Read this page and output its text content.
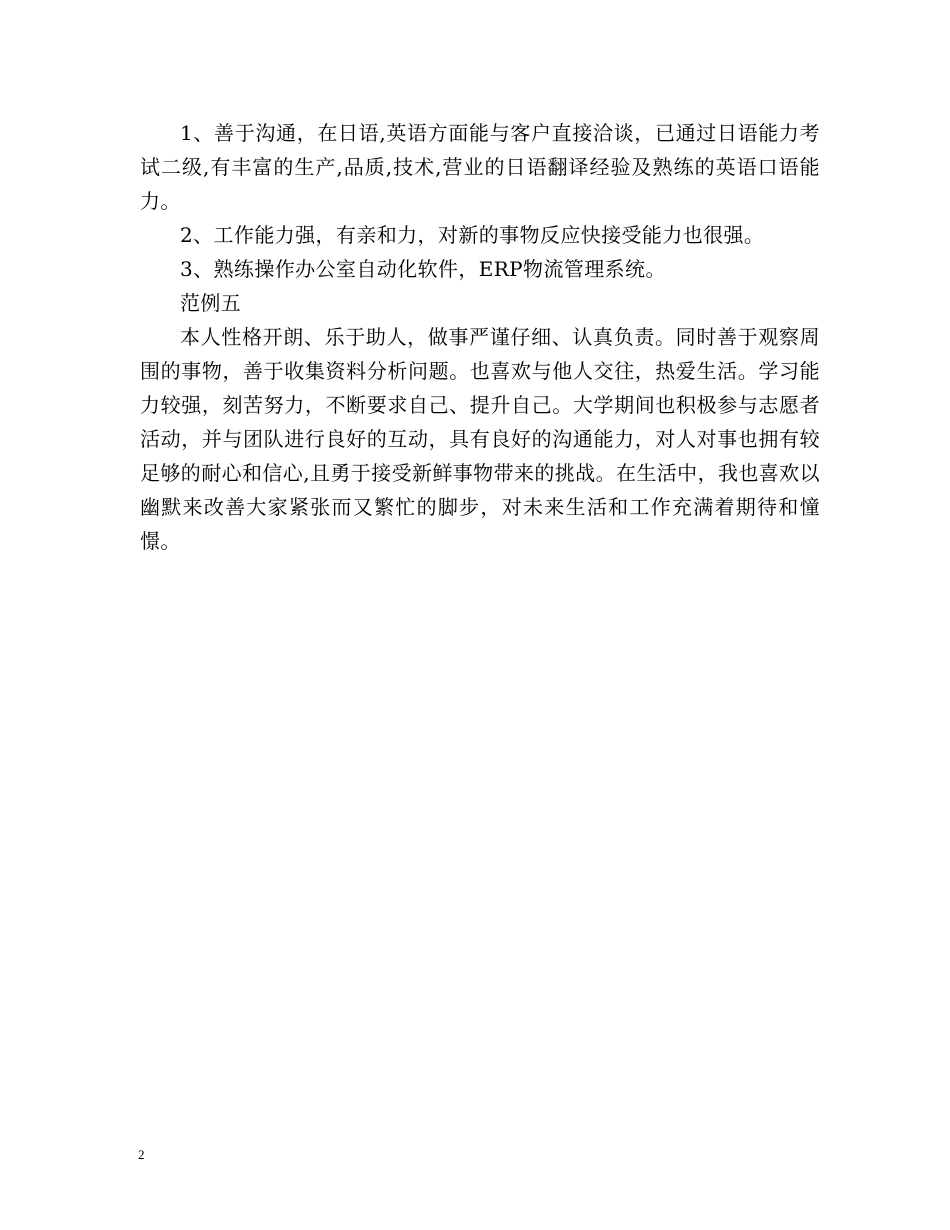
1、善于沟通，在日语,英语方面能与客户直接洽谈，已通过日语能力考试二级,有丰富的生产,品质,技术,营业的日语翻译经验及熟练的英语口语能力。

2、工作能力强，有亲和力，对新的事物反应快接受能力也很强。

3、熟练操作办公室自动化软件，ERP物流管理系统。

范例五

本人性格开朗、乐于助人，做事严谨仔细、认真负责。同时善于观察周围的事物，善于收集资料分析问题。也喜欢与他人交往，热爱生活。学习能力较强，刻苦努力，不断要求自己、提升自己。大学期间也积极参与志愿者活动，并与团队进行良好的互动，具有良好的沟通能力，对人对事也拥有较足够的耐心和信心,且勇于接受新鲜事物带来的挑战。在生活中，我也喜欢以幽默来改善大家紧张而又繁忙的脚步，对未来生活和工作充满着期待和憧憬。

2
